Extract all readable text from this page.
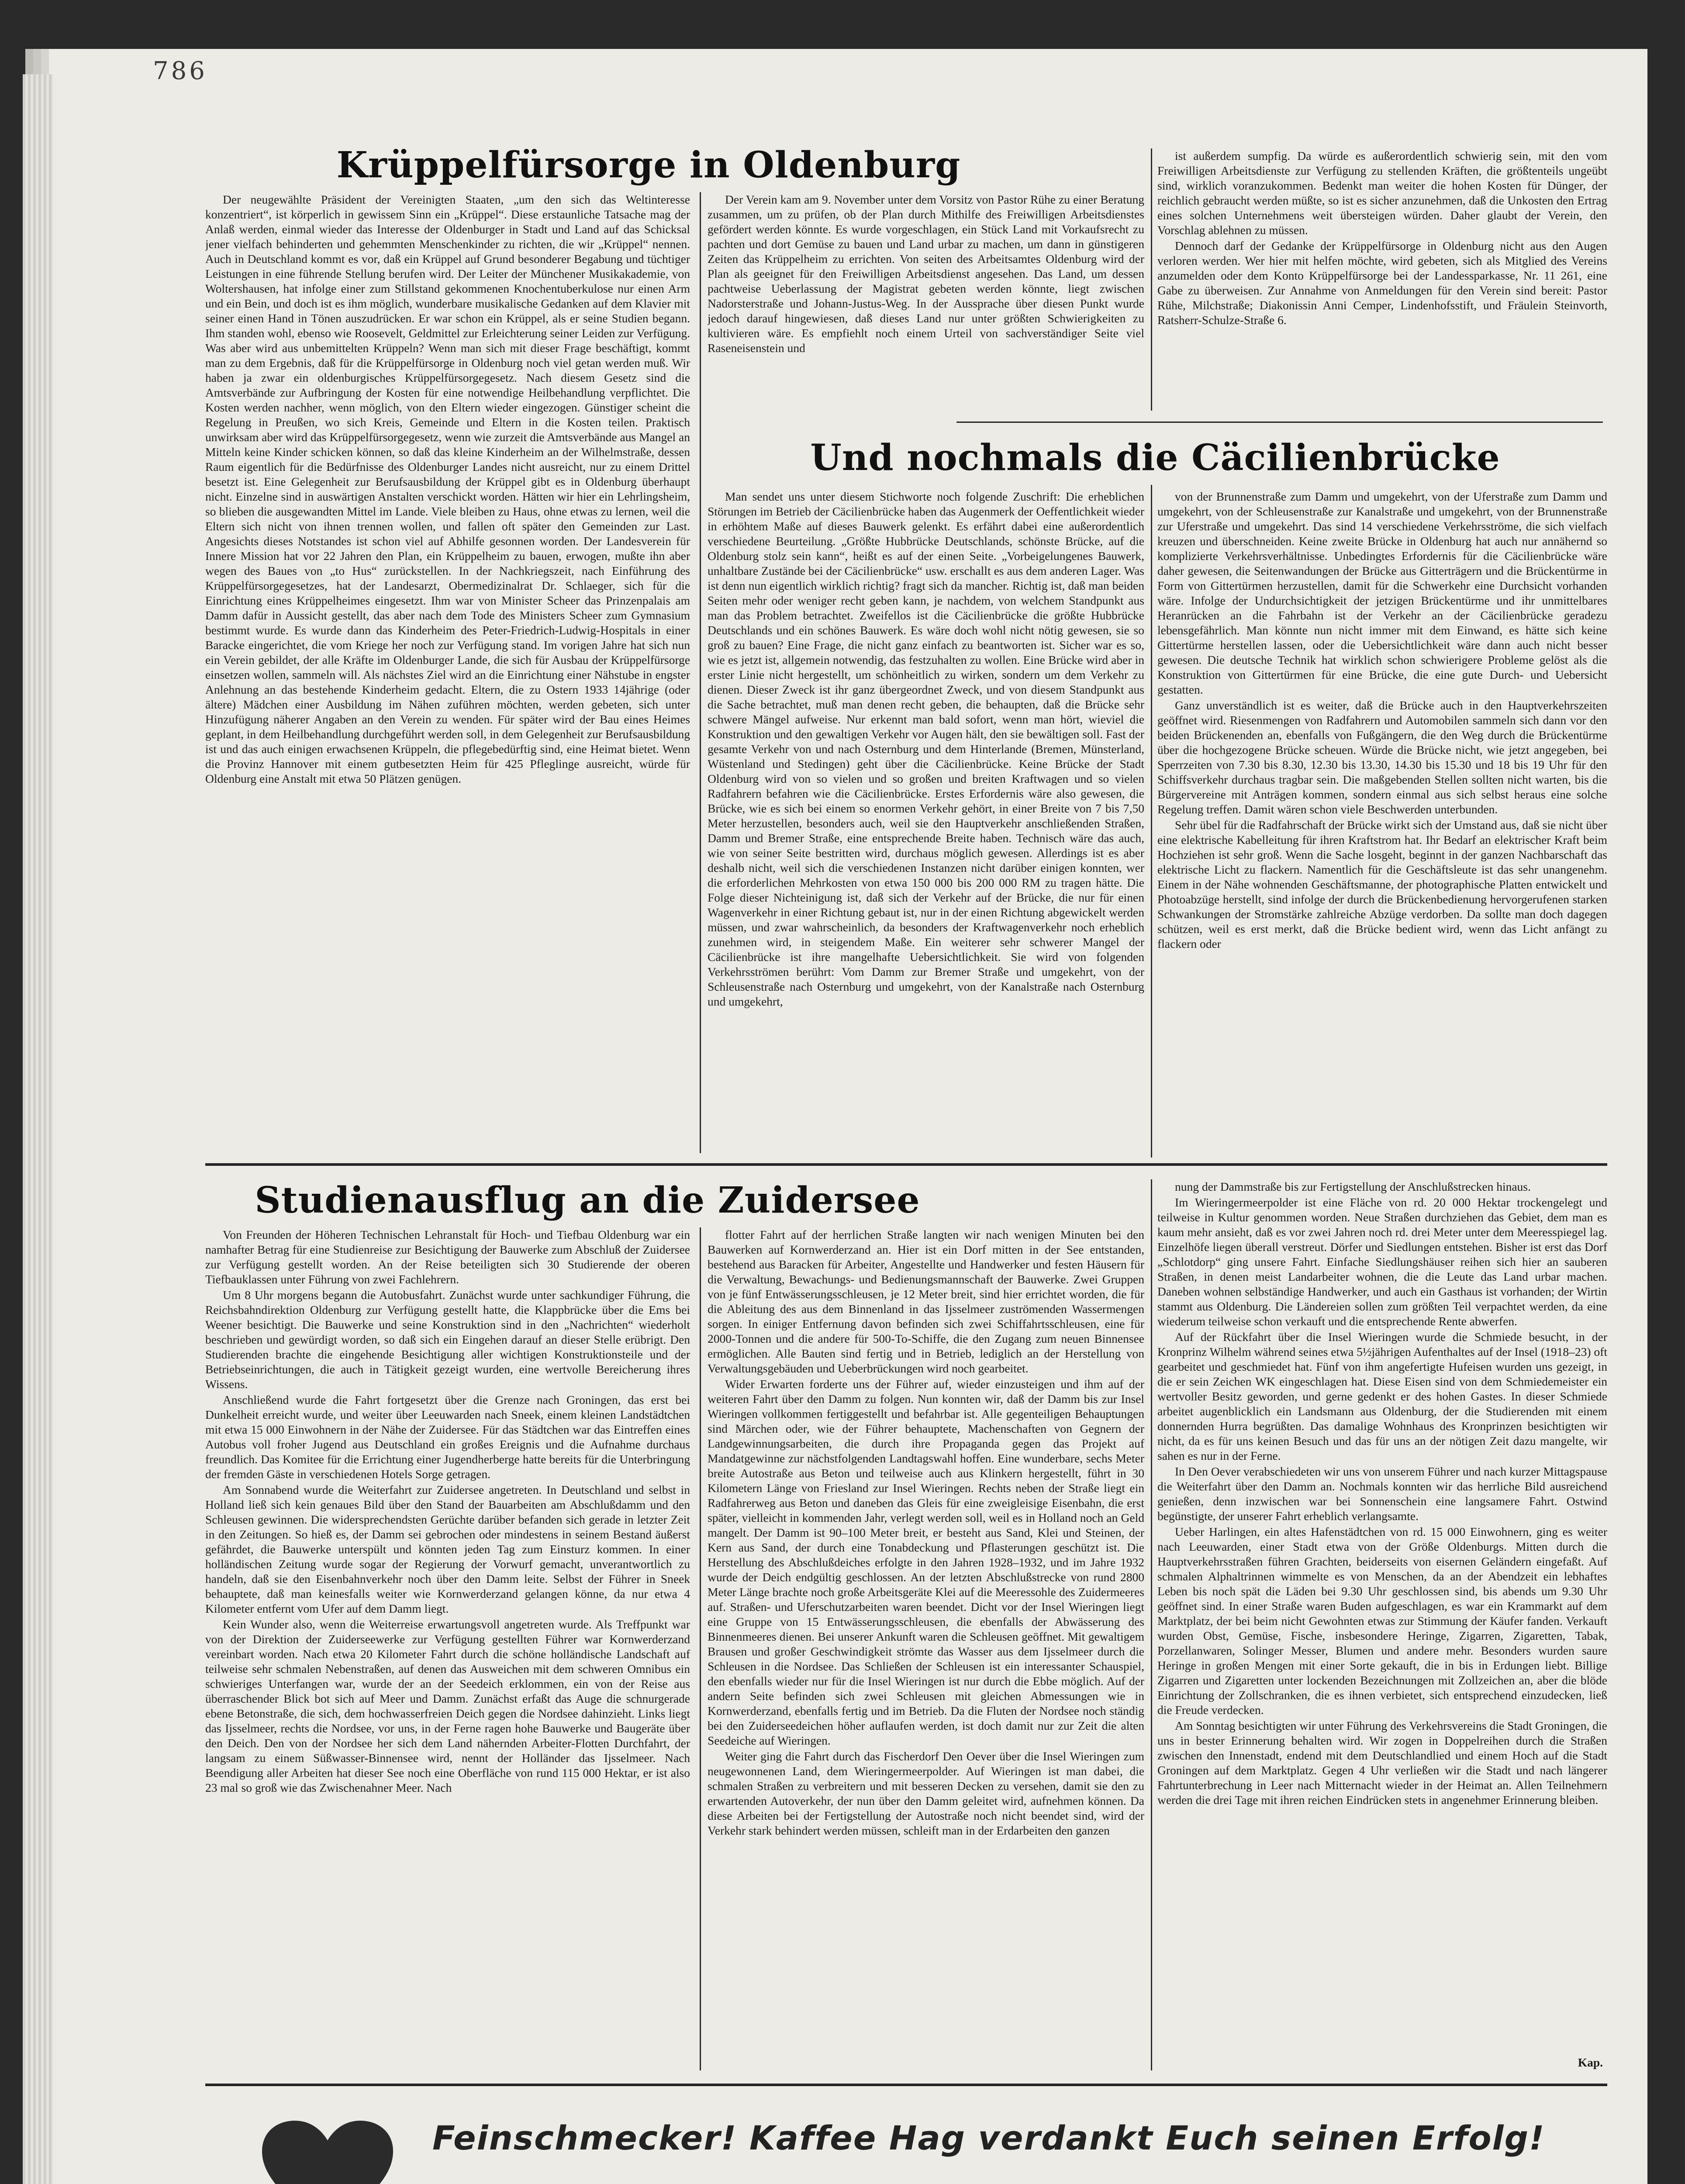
786
Krüppelfürsorge in Oldenburg

Der neugewählte Präsident der Vereinigten Staaten, „um den sich das Weltinteresse konzentriert“, ist körperlich in gewissem Sinn ein „Krüppel“. Diese erstaunliche Tatsache mag der Anlaß werden, einmal wieder das Interesse der Oldenburger in Stadt und Land auf das Schicksal jener vielfach behinderten und gehemmten Menschenkinder zu richten, die wir „Krüppel“ nennen. Auch in Deutschland kommt es vor, daß ein Krüppel auf Grund besonderer Begabung und tüchtiger Leistungen in eine führende Stellung berufen wird. Der Leiter der Münchener Musikakademie, von Woltershausen, hat infolge einer zum Stillstand gekommenen Knochentuberkulose nur einen Arm und ein Bein, und doch ist es ihm möglich, wunderbare musikalische Gedanken auf dem Klavier mit seiner einen Hand in Tönen auszudrücken. Er war schon ein Krüppel, als er seine Studien begann. Ihm standen wohl, ebenso wie Roosevelt, Geldmittel zur Erleichterung seiner Leiden zur Verfügung. Was aber wird aus unbemittelten Krüppeln? Wenn man sich mit dieser Frage beschäftigt, kommt man zu dem Ergebnis, daß für die Krüppelfürsorge in Oldenburg noch viel getan werden muß. Wir haben ja zwar ein oldenburgisches Krüppelfürsorgegesetz. Nach diesem Gesetz sind die Amtsverbände zur Aufbringung der Kosten für eine notwendige Heilbehandlung verpflichtet. Die Kosten werden nachher, wenn möglich, von den Eltern wieder eingezogen. Günstiger scheint die Regelung in Preußen, wo sich Kreis, Gemeinde und Eltern in die Kosten teilen. Praktisch unwirksam aber wird das Krüppelfürsorgegesetz, wenn wie zurzeit die Amtsverbände aus Mangel an Mitteln keine Kinder schicken können, so daß das kleine Kinderheim an der Wilhelmstraße, dessen Raum eigentlich für die Bedürfnisse des Oldenburger Landes nicht ausreicht, nur zu einem Drittel besetzt ist. Eine Gelegenheit zur Berufsausbildung der Krüppel gibt es in Oldenburg überhaupt nicht. Einzelne sind in auswärtigen Anstalten verschickt worden. Hätten wir hier ein Lehrlingsheim, so blieben die ausgewandten Mittel im Lande. Viele bleiben zu Haus, ohne etwas zu lernen, weil die Eltern sich nicht von ihnen trennen wollen, und fallen oft später den Gemeinden zur Last. Angesichts dieses Notstandes ist schon viel auf Abhilfe gesonnen worden. Der Landesverein für Innere Mission hat vor 22 Jahren den Plan, ein Krüppelheim zu bauen, erwogen, mußte ihn aber wegen des Baues von „to Hus“ zurückstellen. In der Nachkriegszeit, nach Einführung des Krüppelfürsorgegesetzes, hat der Landesarzt, Obermedizinalrat Dr. Schlaeger, sich für die Einrichtung eines Krüppelheimes eingesetzt. Ihm war von Minister Scheer das Prinzenpalais am Damm dafür in Aussicht gestellt, das aber nach dem Tode des Ministers Scheer zum Gymnasium bestimmt wurde. Es wurde dann das Kinderheim des Peter-Friedrich-Ludwig-Hospitals in einer Baracke eingerichtet, die vom Kriege her noch zur Verfügung stand. Im vorigen Jahre hat sich nun ein Verein gebildet, der alle Kräfte im Oldenburger Lande, die sich für Ausbau der Krüppelfürsorge einsetzen wollen, sammeln will. Als nächstes Ziel wird an die Einrichtung einer Nähstube in engster Anlehnung an das bestehende Kinderheim gedacht. Eltern, die zu Ostern 1933 14jährige (oder ältere) Mädchen einer Ausbildung im Nähen zuführen möchten, werden gebeten, sich unter Hinzufügung näherer Angaben an den Verein zu wenden. Für später wird der Bau eines Heimes geplant, in dem Heilbehandlung durchgeführt werden soll, in dem Gelegenheit zur Berufsausbildung ist und das auch einigen erwachsenen Krüppeln, die pflegebedürftig sind, eine Heimat bietet. Wenn die Provinz Hannover mit einem gutbesetzten Heim für 425 Pfleglinge ausreicht, würde für Oldenburg eine Anstalt mit etwa 50 Plätzen genügen.

Der Verein kam am 9. November unter dem Vorsitz von Pastor Rühe zu einer Beratung zusammen, um zu prüfen, ob der Plan durch Mithilfe des Freiwilligen Arbeitsdienstes gefördert werden könnte. Es wurde vorgeschlagen, ein Stück Land mit Vorkaufsrecht zu pachten und dort Gemüse zu bauen und Land urbar zu machen, um dann in günstigeren Zeiten das Krüppelheim zu errichten. Von seiten des Arbeitsamtes Oldenburg wird der Plan als geeignet für den Freiwilligen Arbeitsdienst angesehen. Das Land, um dessen pachtweise Ueberlassung der Magistrat gebeten werden könnte, liegt zwischen Nadorsterstraße und Johann-Justus-Weg. In der Aussprache über diesen Punkt wurde jedoch darauf hingewiesen, daß dieses Land nur unter größten Schwierigkeiten zu kultivieren wäre. Es empfiehlt noch einem Urteil von sachverständiger Seite viel Raseneisenstein und

ist außerdem sumpfig. Da würde es außerordentlich schwierig sein, mit den vom Freiwilligen Arbeitsdienste zur Verfügung zu stellenden Kräften, die größtenteils ungeübt sind, wirklich voranzukommen. Bedenkt man weiter die hohen Kosten für Dünger, der reichlich gebraucht werden müßte, so ist es sicher anzunehmen, daß die Unkosten den Ertrag eines solchen Unternehmens weit übersteigen würden. Daher glaubt der Verein, den Vorschlag ablehnen zu müssen.

Dennoch darf der Gedanke der Krüppelfürsorge in Oldenburg nicht aus den Augen verloren werden. Wer hier mit helfen möchte, wird gebeten, sich als Mitglied des Vereins anzumelden oder dem Konto Krüppelfürsorge bei der Landessparkasse, Nr. 11 261, eine Gabe zu überweisen. Zur Annahme von Anmeldungen für den Verein sind bereit: Pastor Rühe, Milchstraße; Diakonissin Anni Cemper, Lindenhofsstift, und Fräulein Steinvorth, Ratsherr-Schulze-Straße 6.

Und nochmals die Cäcilienbrücke

Man sendet uns unter diesem Stichworte noch folgende Zuschrift: Die erheblichen Störungen im Betrieb der Cäcilienbrücke haben das Augenmerk der Oeffentlichkeit wieder in erhöhtem Maße auf dieses Bauwerk gelenkt. Es erfährt dabei eine außerordentlich verschiedene Beurteilung. „Größte Hubbrücke Deutschlands, schönste Brücke, auf die Oldenburg stolz sein kann“, heißt es auf der einen Seite. „Vorbeigelungenes Bauwerk, unhaltbare Zustände bei der Cäcilienbrücke“ usw. erschallt es aus dem anderen Lager. Was ist denn nun eigentlich wirklich richtig? fragt sich da mancher. Richtig ist, daß man beiden Seiten mehr oder weniger recht geben kann, je nachdem, von welchem Standpunkt aus man das Problem betrachtet. Zweifellos ist die Cäcilienbrücke die größte Hubbrücke Deutschlands und ein schönes Bauwerk. Es wäre doch wohl nicht nötig gewesen, sie so groß zu bauen? Eine Frage, die nicht ganz einfach zu beantworten ist. Sicher war es so, wie es jetzt ist, allgemein notwendig, das festzuhalten zu wollen. Eine Brücke wird aber in erster Linie nicht hergestellt, um schönheitlich zu wirken, sondern um dem Verkehr zu dienen. Dieser Zweck ist ihr ganz übergeordnet Zweck, und von diesem Standpunkt aus die Sache betrachtet, muß man denen recht geben, die behaupten, daß die Brücke sehr schwere Mängel aufweise. Nur erkennt man bald sofort, wenn man hört, wieviel die Konstruktion und den gewaltigen Verkehr vor Augen hält, den sie bewältigen soll. Fast der gesamte Verkehr von und nach Osternburg und dem Hinterlande (Bremen, Münsterland, Wüstenland und Stedingen) geht über die Cäcilienbrücke. Keine Brücke der Stadt Oldenburg wird von so vielen und so großen und breiten Kraftwagen und so vielen Radfahrern befahren wie die Cäcilienbrücke. Erstes Erfordernis wäre also gewesen, die Brücke, wie es sich bei einem so enormen Verkehr gehört, in einer Breite von 7 bis 7,50 Meter herzustellen, besonders auch, weil sie den Hauptverkehr anschließenden Straßen, Damm und Bremer Straße, eine entsprechende Breite haben. Technisch wäre das auch, wie von seiner Seite bestritten wird, durchaus möglich gewesen. Allerdings ist es aber deshalb nicht, weil sich die verschiedenen Instanzen nicht darüber einigen konnten, wer die erforderlichen Mehrkosten von etwa 150 000 bis 200 000 RM zu tragen hätte. Die Folge dieser Nichteinigung ist, daß sich der Verkehr auf der Brücke, die nur für einen Wagenverkehr in einer Richtung gebaut ist, nur in der einen Richtung abgewickelt werden müssen, und zwar wahrscheinlich, da besonders der Kraftwagenverkehr noch erheblich zunehmen wird, in steigendem Maße. Ein weiterer sehr schwerer Mangel der Cäcilienbrücke ist ihre mangelhafte Uebersichtlichkeit. Sie wird von folgenden Verkehrsströmen berührt: Vom Damm zur Bremer Straße und umgekehrt, von der Schleusenstraße nach Osternburg und umgekehrt, von der Kanalstraße nach Osternburg und umgekehrt,

von der Brunnenstraße zum Damm und umgekehrt, von der Uferstraße zum Damm und umgekehrt, von der Schleusenstraße zur Kanalstraße und umgekehrt, von der Brunnenstraße zur Uferstraße und umgekehrt. Das sind 14 verschiedene Verkehrsströme, die sich vielfach kreuzen und überschneiden. Keine zweite Brücke in Oldenburg hat auch nur annähernd so komplizierte Verkehrsverhältnisse. Unbedingtes Erfordernis für die Cäcilienbrücke wäre daher gewesen, die Seitenwandungen der Brücke aus Gitterträgern und die Brückentürme in Form von Gittertürmen herzustellen, damit für die Schwerkehr eine Durchsicht vorhanden wäre. Infolge der Undurchsichtigkeit der jetzigen Brückentürme und ihr unmittelbares Heranrücken an die Fahrbahn ist der Verkehr an der Cäcilienbrücke geradezu lebensgefährlich. Man könnte nun nicht immer mit dem Einwand, es hätte sich keine Gittertürme herstellen lassen, oder die Uebersichtlichkeit wäre dann auch nicht besser gewesen. Die deutsche Technik hat wirklich schon schwierigere Probleme gelöst als die Konstruktion von Gittertürmen für eine Brücke, die eine gute Durch- und Uebersicht gestatten.

Ganz unverständlich ist es weiter, daß die Brücke auch in den Hauptverkehrszeiten geöffnet wird. Riesenmengen von Radfahrern und Automobilen sammeln sich dann vor den beiden Brückenenden an, ebenfalls von Fußgängern, die den Weg durch die Brückentürme über die hochgezogene Brücke scheuen. Würde die Brücke nicht, wie jetzt angegeben, bei Sperrzeiten von 7.30 bis 8.30, 12.30 bis 13.30, 14.30 bis 15.30 und 18 bis 19 Uhr für den Schiffsverkehr durchaus tragbar sein. Die maßgebenden Stellen sollten nicht warten, bis die Bürgervereine mit Anträgen kommen, sondern einmal aus sich selbst heraus eine solche Regelung treffen. Damit wären schon viele Beschwerden unterbunden.

Sehr übel für die Radfahrschaft der Brücke wirkt sich der Umstand aus, daß sie nicht über eine elektrische Kabelleitung für ihren Kraftstrom hat. Ihr Bedarf an elektrischer Kraft beim Hochziehen ist sehr groß. Wenn die Sache losgeht, beginnt in der ganzen Nachbarschaft das elektrische Licht zu flackern. Namentlich für die Geschäftsleute ist das sehr unangenehm. Einem in der Nähe wohnenden Geschäftsmanne, der photographische Platten entwickelt und Photoabzüge herstellt, sind infolge der durch die Brückenbedienung hervorgerufenen starken Schwankungen der Stromstärke zahlreiche Abzüge verdorben. Da sollte man doch dagegen schützen, weil es erst merkt, daß die Brücke bedient wird, wenn das Licht anfängt zu flackern oder

Studienausflug an die Zuidersee

Von Freunden der Höheren Technischen Lehranstalt für Hoch- und Tiefbau Oldenburg war ein namhafter Betrag für eine Studienreise zur Besichtigung der Bauwerke zum Abschluß der Zuidersee zur Verfügung gestellt worden. An der Reise beteiligten sich 30 Studierende der oberen Tiefbauklassen unter Führung von zwei Fachlehrern.

Um 8 Uhr morgens begann die Autobusfahrt. Zunächst wurde unter sachkundiger Führung, die Reichsbahndirektion Oldenburg zur Verfügung gestellt hatte, die Klappbrücke über die Ems bei Weener besichtigt. Die Bauwerke und seine Konstruktion sind in den „Nachrichten“ wiederholt beschrieben und gewürdigt worden, so daß sich ein Eingehen darauf an dieser Stelle erübrigt. Den Studierenden brachte die eingehende Besichtigung aller wichtigen Konstruktionsteile und der Betriebseinrichtungen, die auch in Tätigkeit gezeigt wurden, eine wertvolle Bereicherung ihres Wissens.

Anschließend wurde die Fahrt fortgesetzt über die Grenze nach Groningen, das erst bei Dunkelheit erreicht wurde, und weiter über Leeuwarden nach Sneek, einem kleinen Landstädtchen mit etwa 15 000 Einwohnern in der Nähe der Zuidersee. Für das Städtchen war das Eintreffen eines Autobus voll froher Jugend aus Deutschland ein großes Ereignis und die Aufnahme durchaus freundlich. Das Komitee für die Errichtung einer Jugendherberge hatte bereits für die Unterbringung der fremden Gäste in verschiedenen Hotels Sorge getragen.

Am Sonnabend wurde die Weiterfahrt zur Zuidersee angetreten. In Deutschland und selbst in Holland ließ sich kein genaues Bild über den Stand der Bauarbeiten am Abschlußdamm und den Schleusen gewinnen. Die widersprechendsten Gerüchte darüber befanden sich gerade in letzter Zeit in den Zeitungen. So hieß es, der Damm sei gebrochen oder mindestens in seinem Bestand äußerst gefährdet, die Bauwerke unterspült und könnten jeden Tag zum Einsturz kommen. In einer holländischen Zeitung wurde sogar der Regierung der Vorwurf gemacht, unverantwortlich zu handeln, daß sie den Eisenbahnverkehr noch über den Damm leite. Selbst der Führer in Sneek behauptete, daß man keinesfalls weiter wie Kornwerderzand gelangen könne, da nur etwa 4 Kilometer entfernt vom Ufer auf dem Damm liegt.

Kein Wunder also, wenn die Weiterreise erwartungsvoll angetreten wurde. Als Treffpunkt war von der Direktion der Zuiderseewerke zur Verfügung gestellten Führer war Kornwerderzand vereinbart worden. Nach etwa 20 Kilometer Fahrt durch die schöne holländische Landschaft auf teilweise sehr schmalen Nebenstraßen, auf denen das Ausweichen mit dem schweren Omnibus ein schwieriges Unterfangen war, wurde der an der Seedeich erklommen, ein von der Reise aus überraschender Blick bot sich auf Meer und Damm. Zunächst erfaßt das Auge die schnurgerade ebene Betonstraße, die sich, dem hochwasserfreien Deich gegen die Nordsee dahinzieht. Links liegt das Ijsselmeer, rechts die Nordsee, vor uns, in der Ferne ragen hohe Bauwerke und Baugeräte über den Deich. Den von der Nordsee her sich dem Land nähernden Arbeiter-Flotten Durchfahrt, der langsam zu einem Süßwasser-Binnensee wird, nennt der Holländer das Ijsselmeer. Nach Beendigung aller Arbeiten hat dieser See noch eine Oberfläche von rund 115 000 Hektar, er ist also 23 mal so groß wie das Zwischenahner Meer. Nach

flotter Fahrt auf der herrlichen Straße langten wir nach wenigen Minuten bei den Bauwerken auf Kornwerderzand an. Hier ist ein Dorf mitten in der See entstanden, bestehend aus Baracken für Arbeiter, Angestellte und Handwerker und festen Häusern für die Verwaltung, Bewachungs- und Bedienungsmannschaft der Bauwerke. Zwei Gruppen von je fünf Entwässerungsschleusen, je 12 Meter breit, sind hier errichtet worden, die für die Ableitung des aus dem Binnenland in das Ijsselmeer zuströmenden Wassermengen sorgen. In einiger Entfernung davon befinden sich zwei Schiffahrtsschleusen, eine für 2000-Tonnen und die andere für 500-To-Schiffe, die den Zugang zum neuen Binnensee ermöglichen. Alle Bauten sind fertig und in Betrieb, lediglich an der Herstellung von Verwaltungsgebäuden und Ueberbrückungen wird noch gearbeitet.

Wider Erwarten forderte uns der Führer auf, wieder einzusteigen und ihm auf der weiteren Fahrt über den Damm zu folgen. Nun konnten wir, daß der Damm bis zur Insel Wieringen vollkommen fertiggestellt und befahrbar ist. Alle gegenteiligen Behauptungen sind Märchen oder, wie der Führer behauptete, Machenschaften von Gegnern der Landgewinnungsarbeiten, die durch ihre Propaganda gegen das Projekt auf Mandatgewinne zur nächstfolgenden Landtagswahl hoffen. Eine wunderbare, sechs Meter breite Autostraße aus Beton und teilweise auch aus Klinkern hergestellt, führt in 30 Kilometern Länge von Friesland zur Insel Wieringen. Rechts neben der Straße liegt ein Radfahrerweg aus Beton und daneben das Gleis für eine zweigleisige Eisenbahn, die erst später, vielleicht in kommenden Jahr, verlegt werden soll, weil es in Holland noch an Geld mangelt. Der Damm ist 90–100 Meter breit, er besteht aus Sand, Klei und Steinen, der Kern aus Sand, der durch eine Tonabdeckung und Pflasterungen geschützt ist. Die Herstellung des Abschlußdeiches erfolgte in den Jahren 1928–1932, und im Jahre 1932 wurde der Deich endgültig geschlossen. An der letzten Abschlußstrecke von rund 2800 Meter Länge brachte noch große Arbeitsgeräte Klei auf die Meeressohle des Zuidermeeres auf. Straßen- und Uferschutzarbeiten waren beendet. Dicht vor der Insel Wieringen liegt eine Gruppe von 15 Entwässerungsschleusen, die ebenfalls der Abwässerung des Binnenmeeres dienen. Bei unserer Ankunft waren die Schleusen geöffnet. Mit gewaltigem Brausen und großer Geschwindigkeit strömte das Wasser aus dem Ijsselmeer durch die Schleusen in die Nordsee. Das Schließen der Schleusen ist ein interessanter Schauspiel, den ebenfalls wieder nur für die Insel Wieringen ist nur durch die Ebbe möglich. Auf der andern Seite befinden sich zwei Schleusen mit gleichen Abmessungen wie in Kornwerderzand, ebenfalls fertig und im Betrieb. Da die Fluten der Nordsee noch ständig bei den Zuiderseedeichen höher auflaufen werden, ist doch damit nur zur Zeit die alten Seedeiche auf Wieringen.

Weiter ging die Fahrt durch das Fischerdorf Den Oever über die Insel Wieringen zum neugewonnenen Land, dem Wieringermeerpolder. Auf Wieringen ist man dabei, die schmalen Straßen zu verbreitern und mit besseren Decken zu versehen, damit sie den zu erwartenden Autoverkehr, der nun über den Damm geleitet wird, aufnehmen können. Da diese Arbeiten bei der Fertigstellung der Autostraße noch nicht beendet sind, wird der Verkehr stark behindert werden müssen, schleift man in der Erdarbeiten den ganzen

nung der Dammstraße bis zur Fertigstellung der Anschlußstrecken hinaus.

Im Wieringermeerpolder ist eine Fläche von rd. 20 000 Hektar trockengelegt und teilweise in Kultur genommen worden. Neue Straßen durchziehen das Gebiet, dem man es kaum mehr ansieht, daß es vor zwei Jahren noch rd. drei Meter unter dem Meeresspiegel lag. Einzelhöfe liegen überall verstreut. Dörfer und Siedlungen entstehen. Bisher ist erst das Dorf „Schlotdorp“ ging unsere Fahrt. Einfache Siedlungshäuser reihen sich hier an sauberen Straßen, in denen meist Landarbeiter wohnen, die die Leute das Land urbar machen. Daneben wohnen selbständige Handwerker, und auch ein Gasthaus ist vorhanden; der Wirtin stammt aus Oldenburg. Die Ländereien sollen zum größten Teil verpachtet werden, da eine wiederum teilweise schon verkauft und die entsprechende Rente abwerfen.

Auf der Rückfahrt über die Insel Wieringen wurde die Schmiede besucht, in der Kronprinz Wilhelm während seines etwa 5½jährigen Aufenthaltes auf der Insel (1918–23) oft gearbeitet und geschmiedet hat. Fünf von ihm angefertigte Hufeisen wurden uns gezeigt, in die er sein Zeichen WK eingeschlagen hat. Diese Eisen sind von dem Schmiedemeister ein wertvoller Besitz geworden, und gerne gedenkt er des hohen Gastes. In dieser Schmiede arbeitet augenblicklich ein Landsmann aus Oldenburg, der die Studierenden mit einem donnernden Hurra begrüßten. Das damalige Wohnhaus des Kronprinzen besichtigten wir nicht, da es für uns keinen Besuch und das für uns an der nötigen Zeit dazu mangelte, wir sahen es nur in der Ferne.

In Den Oever verabschiedeten wir uns von unserem Führer und nach kurzer Mittagspause die Weiterfahrt über den Damm an. Nochmals konnten wir das herrliche Bild ausreichend genießen, denn inzwischen war bei Sonnenschein eine langsamere Fahrt. Ostwind begünstigte, der unserer Fahrt erheblich verlangsamte.

Ueber Harlingen, ein altes Hafenstädtchen von rd. 15 000 Einwohnern, ging es weiter nach Leeuwarden, einer Stadt etwa von der Größe Oldenburgs. Mitten durch die Hauptverkehrsstraßen führen Grachten, beiderseits von eisernen Geländern eingefaßt. Auf schmalen Alphaltrinnen wimmelte es von Menschen, da an der Abendzeit ein lebhaftes Leben bis noch spät die Läden bei 9.30 Uhr geschlossen sind, bis abends um 9.30 Uhr geöffnet sind. In einer Straße waren Buden aufgeschlagen, es war ein Krammarkt auf dem Marktplatz, der bei beim nicht Gewohnten etwas zur Stimmung der Käufer fanden. Verkauft wurden Obst, Gemüse, Fische, insbesondere Heringe, Zigarren, Zigaretten, Tabak, Porzellanwaren, Solinger Messer, Blumen und andere mehr. Besonders wurden saure Heringe in großen Mengen mit einer Sorte gekauft, die in bis in Erdungen liebt. Billige Zigarren und Zigaretten unter lockenden Bezeichnungen mit Zollzeichen an, aber die blöde Einrichtung der Zollschranken, die es ihnen verbietet, sich entsprechend einzudecken, ließ die Freude verdecken.

Am Sonntag besichtigten wir unter Führung des Verkehrsvereins die Stadt Groningen, die uns in bester Erinnerung behalten wird. Wir zogen in Doppelreihen durch die Straßen zwischen den Innenstadt, endend mit dem Deutschlandlied und einem Hoch auf die Stadt Groningen auf dem Marktplatz. Gegen 4 Uhr verließen wir die Stadt und nach längerer Fahrtunterbrechung in Leer nach Mitternacht wieder in der Heimat an. Allen Teilnehmern werden die drei Tage mit ihren reichen Eindrücken stets in angenehmer Erinnerung bleiben.

Kap.
Feinschmecker! Kaffee Hag verdankt Euch seinen Erfolg!
